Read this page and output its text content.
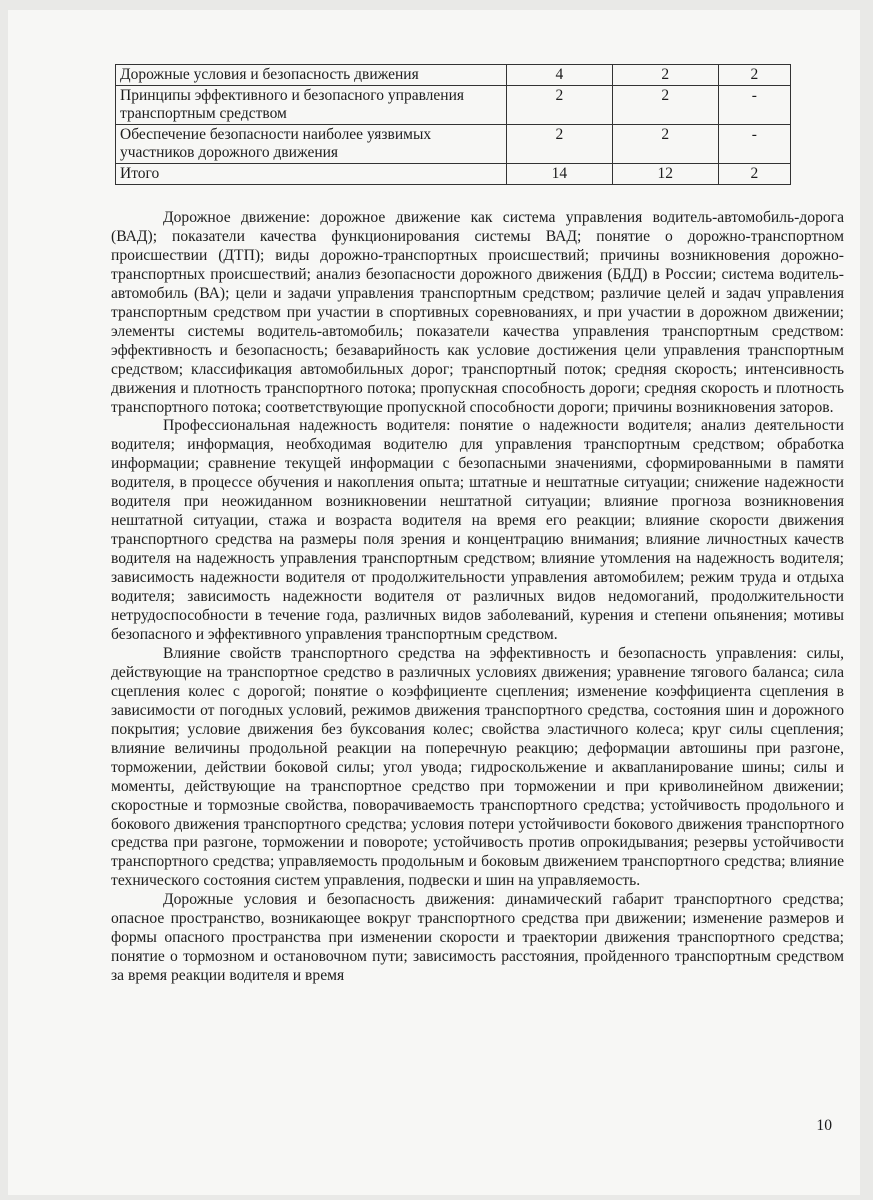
Дорожные условия и безопасность движения	4	2	2
Принципы эффективного и безопасного управления транспортным средством	2	2	-
Обеспечение безопасности наиболее уязвимых участников дорожного движения	2	2	-
Итого	14	12	2

Дорожное движение: дорожное движение как система управления водитель-автомобиль-дорога (ВАД); показатели качества функционирования системы ВАД; понятие о дорожно-транспортном происшествии (ДТП); виды дорожно-транспортных происшествий; причины возникновения дорожно-транспортных происшествий; анализ безопасности дорожного движения (БДД) в России; система водитель-автомобиль (ВА); цели и задачи управления транспортным средством; различие целей и задач управления транспортным средством при участии в спортивных соревнованиях, и при участии в дорожном движении; элементы системы водитель-автомобиль; показатели качества управления транспортным средством: эффективность и безопасность; безаварийность как условие достижения цели управления транспортным средством; классификация автомобильных дорог; транспортный поток; средняя скорость; интенсивность движения и плотность транспортного потока; пропускная способность дороги; средняя скорость и плотность транспортного потока; соответствующие пропускной способности дороги; причины возникновения заторов.

Профессиональная надежность водителя: понятие о надежности водителя; анализ деятельности водителя; информация, необходимая водителю для управления транспортным средством; обработка информации; сравнение текущей информации с безопасными значениями, сформированными в памяти водителя, в процессе обучения и накопления опыта; штатные и нештатные ситуации; снижение надежности водителя при неожиданном возникновении нештатной ситуации; влияние прогноза возникновения нештатной ситуации, стажа и возраста водителя на время его реакции; влияние скорости движения транспортного средства на размеры поля зрения и концентрацию внимания; влияние личностных качеств водителя на надежность управления транспортным средством; влияние утомления на надежность водителя; зависимость надежности водителя от продолжительности управления автомобилем; режим труда и отдыха водителя; зависимость надежности водителя от различных видов недомоганий, продолжительности нетрудоспособности в течение года, различных видов заболеваний, курения и степени опьянения; мотивы безопасного и эффективного управления транспортным средством.

Влияние свойств транспортного средства на эффективность и безопасность управления: силы, действующие на транспортное средство в различных условиях движения; уравнение тягового баланса; сила сцепления колес с дорогой; понятие о коэффициенте сцепления; изменение коэффициента сцепления в зависимости от погодных условий, режимов движения транспортного средства, состояния шин и дорожного покрытия; условие движения без буксования колес; свойства эластичного колеса; круг силы сцепления; влияние величины продольной реакции на поперечную реакцию; деформации автошины при разгоне, торможении, действии боковой силы; угол увода; гидроскольжение и аквапланирование шины; силы и моменты, действующие на транспортное средство при торможении и при криволинейном движении; скоростные и тормозные свойства, поворачиваемость транспортного средства; устойчивость продольного и бокового движения транспортного средства; условия потери устойчивости бокового движения транспортного средства при разгоне, торможении и повороте; устойчивость против опрокидывания; резервы устойчивости транспортного средства; управляемость продольным и боковым движением транспортного средства; влияние технического состояния систем управления, подвески и шин на управляемость.

Дорожные условия и безопасность движения: динамический габарит транспортного средства; опасное пространство, возникающее вокруг транспортного средства при движении; изменение размеров и формы опасного пространства при изменении скорости и траектории движения транспортного средства; понятие о тормозном и остановочном пути; зависимость расстояния, пройденного транспортным средством за время реакции водителя и время

10
